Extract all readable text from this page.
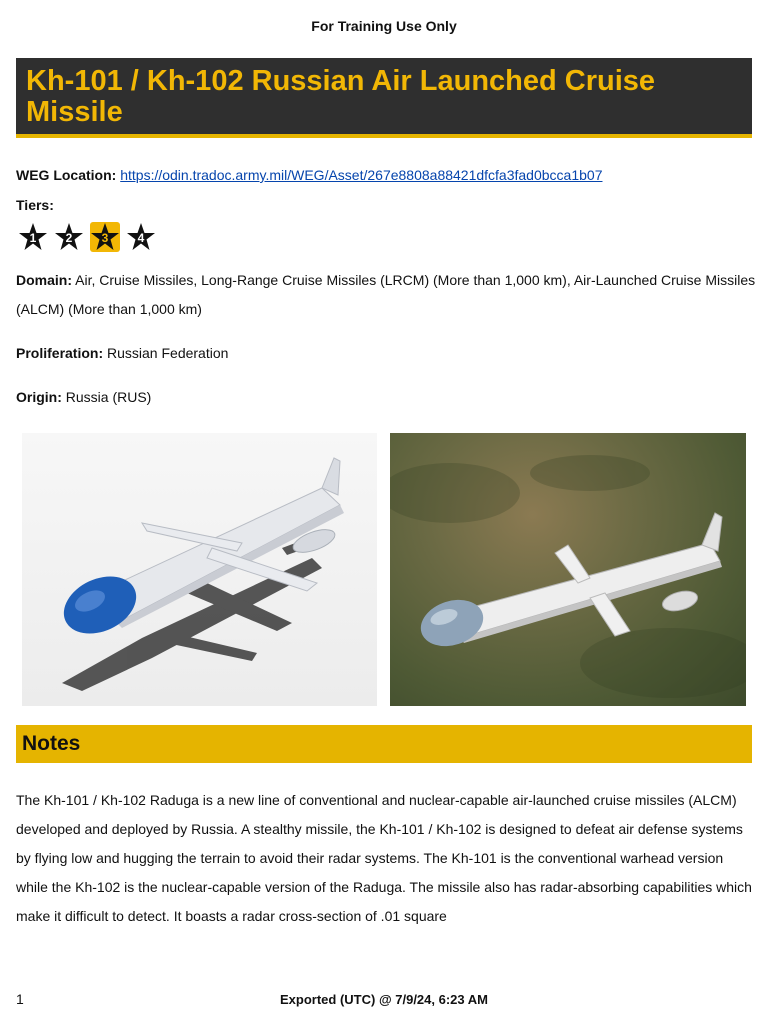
For Training Use Only
Kh-101 / Kh-102 Russian Air Launched Cruise Missile
WEG Location: https://odin.tradoc.army.mil/WEG/Asset/267e8808a88421dfcfa3fad0bcca1b07
Tiers:
1 2 3 4
Domain: Air, Cruise Missiles, Long-Range Cruise Missiles (LRCM) (More than 1,000 km), Air-Launched Cruise Missiles (ALCM) (More than 1,000 km)
Proliferation: Russian Federation
Origin: Russia (RUS)
Notes
The Kh-101 / Kh-102 Raduga is a new line of conventional and nuclear-capable air-launched cruise missiles (ALCM) developed and deployed by Russia. A stealthy missile, the Kh-101 / Kh-102 is designed to defeat air defense systems by flying low and hugging the terrain to avoid their radar systems. The Kh-101 is the conventional warhead version while the Kh-102 is the nuclear-capable version of the Raduga. The missile also has radar-absorbing capabilities which make it difficult to detect. It boasts a radar cross-section of .01 square
1	Exported (UTC) @ 7/9/24, 6:23 AM
